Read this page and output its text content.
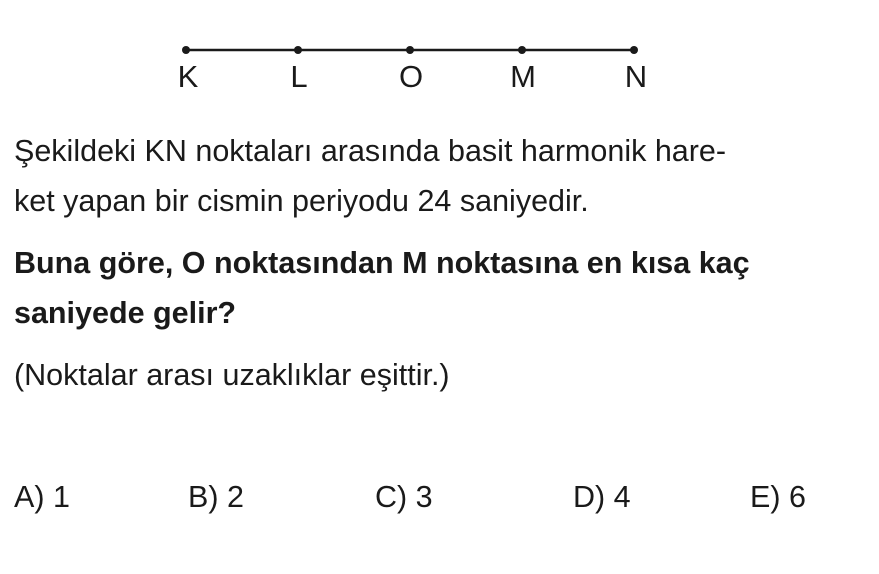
K	L	O	M	N
Şekildeki KN noktaları arasında basit harmonik hare-
ket yapan bir cismin periyodu 24 saniyedir.
Buna göre, O noktasından M noktasına en kısa kaç
saniyede gelir?
(Noktalar arası uzaklıklar eşittir.)
A) 1	B) 2	C) 3	D) 4	E) 6
